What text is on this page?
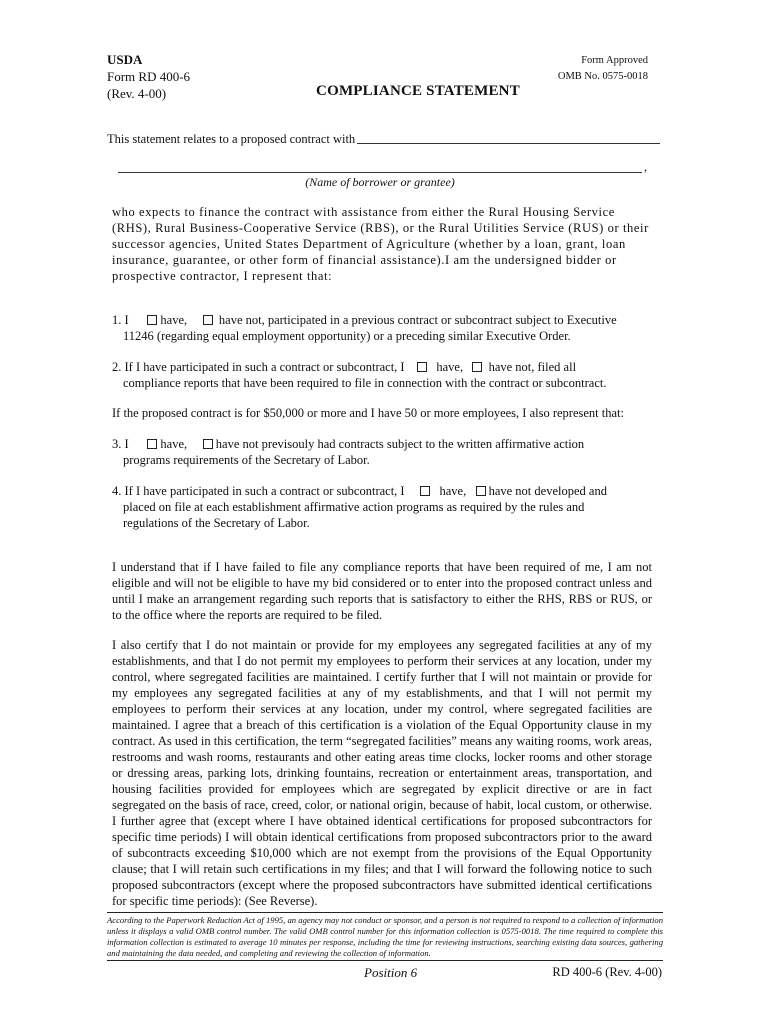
USDA
Form RD 400-6
(Rev. 4-00)
Form Approved
OMB No. 0575-0018
COMPLIANCE STATEMENT
This statement relates to a proposed contract with
,
(Name of borrower or grantee)
who expects to finance the contract with assistance from either the Rural Housing Service (RHS), Rural Business-Cooperative Service (RBS), or the Rural Utilities Service (RUS) or their successor agencies, United States Department of Agriculture (whether by a loan, grant, loan insurance, guarantee, or other form of financial assistance).I am the undersigned bidder or prospective contractor, I represent that:
1. I	have,	have not, participated in a previous contract or subcontract subject to Executive
11246 (regarding equal employment opportunity) or a preceding similar Executive Order.
2. If I have participated in such a contract or subcontract, I	have, have not, filed all
compliance reports that have been required to file in connection with the contract or subcontract.
If the proposed contract is for $50,000 or more and I have 50 or more employees, I also represent that:
3. I	have, have not previsouly had contracts subject to the written affirmative action
programs requirements of the Secretary of Labor.
4. If I have participated in such a contract or subcontract, I	have, have not developed and
placed on file at each establishment affirmative action programs as required by the rules and
regulations of the Secretary of Labor.
I understand that if I have failed to file any compliance reports that have been required of me, I am not eligible and will not be eligible to have my bid considered or to enter into the proposed contract unless and until I make an arrangement regarding such reports that is satisfactory to either the RHS, RBS or RUS, or to the office where the reports are required to be filed.
I also certify that I do not maintain or provide for my employees any segregated facilities at any of my establishments, and that I do not permit my employees to perform their services at any location, under my control, where segregated facilities are maintained. I certify further that I will not maintain or provide for my employees any segregated facilities at any of my establishments, and that I will not permit my employees to perform their services at any location, under my control, where segregated facilities are maintained. I agree that a breach of this certification is a violation of the Equal Opportunity clause in my contract. As used in this certification, the term “segregated facilities” means any waiting rooms, work areas, restrooms and wash rooms, restaurants and other eating areas time clocks, locker rooms and other storage or dressing areas, parking lots, drinking fountains, recreation or entertainment areas, transportation, and housing facilities provided for employees which are segregated by explicit directive or are in fact segregated on the basis of race, creed, color, or national origin, because of habit, local custom, or otherwise. I further agree that (except where I have obtained identical certifications for proposed subcontractors for specific time periods) I will obtain identical certifications from proposed subcontractors prior to the award of subcontracts exceeding $10,000 which are not exempt from the provisions of the Equal Opportunity clause; that I will retain such certifications in my files; and that I will forward the following notice to such proposed subcontractors (except where the proposed subcontractors have submitted identical certifications for specific time periods): (See Reverse).
According to the Paperwork Reduction Act of 1995, an agency may not conduct or sponsor, and a person is not required to respond to a collection of information unless it displays a valid OMB control number. The valid OMB control number for this information collection is 0575-0018. The time required to complete this information collection is estimated to average 10 minutes per response, including the time for reviewing instructions, searching existing data sources, gathering and maintaining the data needed, and completing and reviewing the collection of information.
Position 6	RD 400-6 (Rev. 4-00)
